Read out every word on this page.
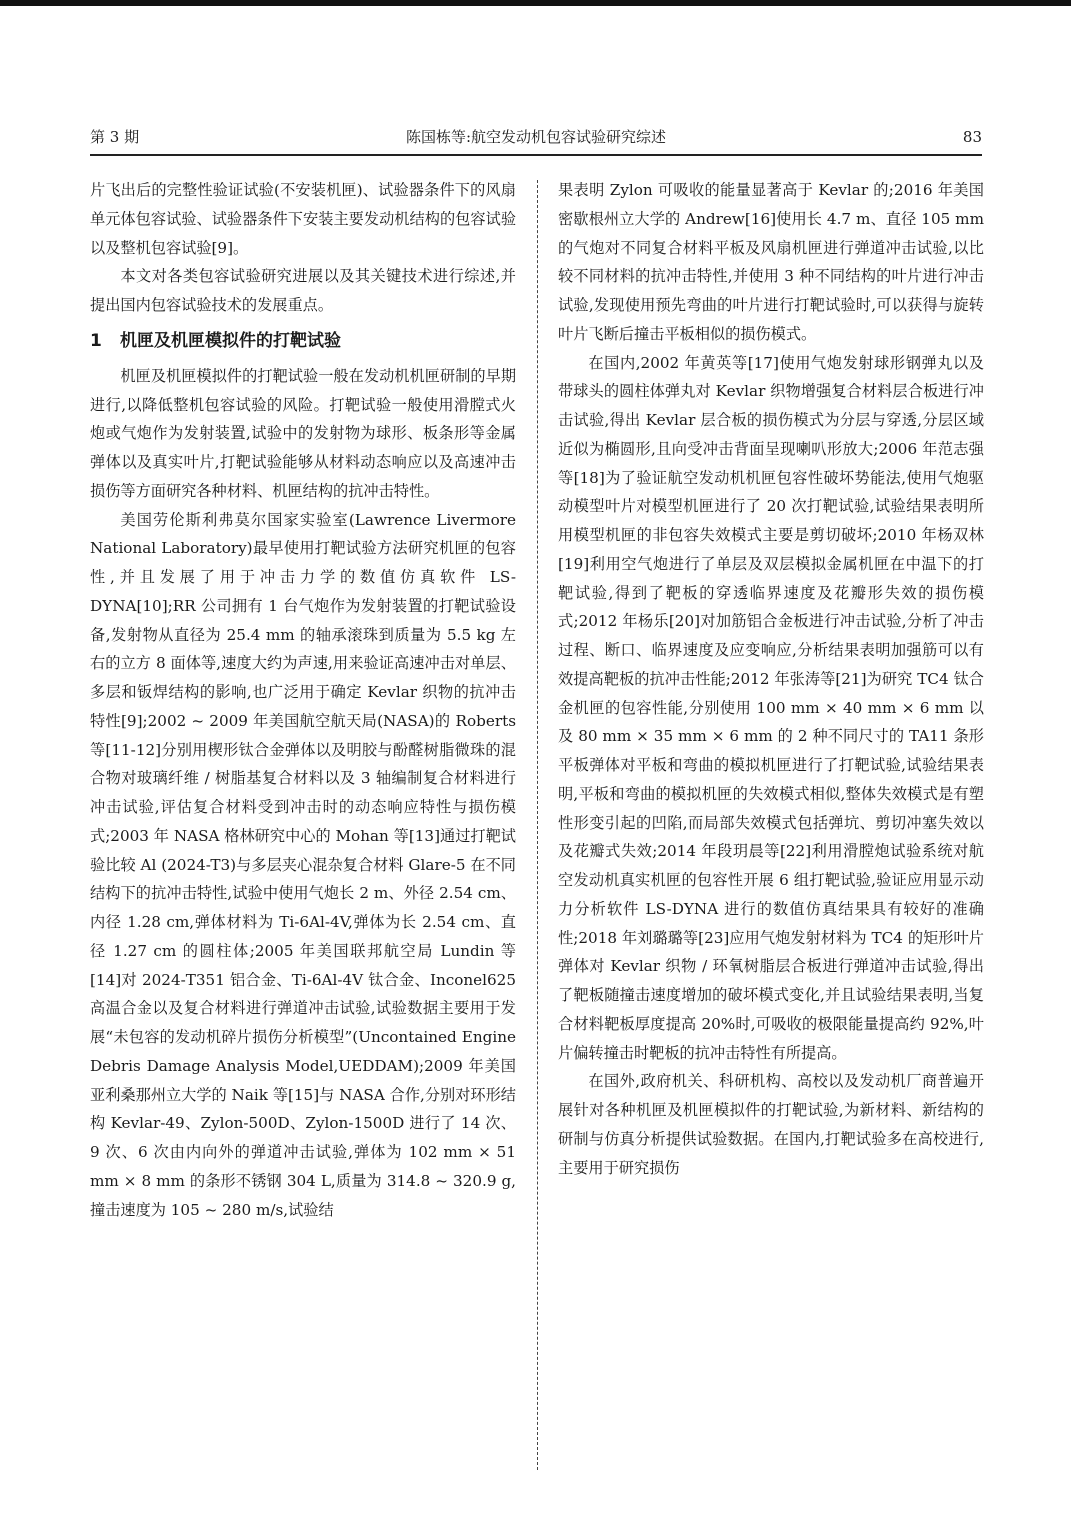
第 3 期	陈国栋等:航空发动机包容试验研究综述	83

片飞出后的完整性验证试验(不安装机匣)、试验器条件下的风扇单元体包容试验、试验器条件下安装主要发动机结构的包容试验以及整机包容试验[9]。

本文对各类包容试验研究进展以及其关键技术进行综述,并提出国内包容试验技术的发展重点。

1 机匣及机匣模拟件的打靶试验

机匣及机匣模拟件的打靶试验一般在发动机机匣研制的早期进行,以降低整机包容试验的风险。打靶试验一般使用滑膛式火炮或气炮作为发射装置,试验中的发射物为球形、板条形等金属弹体以及真实叶片,打靶试验能够从材料动态响应以及高速冲击损伤等方面研究各种材料、机匣结构的抗冲击特性。

美国劳伦斯利弗莫尔国家实验室(Lawrence Livermore National Laboratory)最早使用打靶试验方法研究机匣的包容性,并且发展了用于冲击力学的数值仿真软件 LS-DYNA[10];RR 公司拥有 1 台气炮作为发射装置的打靶试验设备,发射物从直径为 25.4 mm 的轴承滚珠到质量为 5.5 kg 左右的立方 8 面体等,速度大约为声速,用来验证高速冲击对单层、多层和钣焊结构的影响,也广泛用于确定 Kevlar 织物的抗冲击特性[9];2002 ~ 2009 年美国航空航天局(NASA)的 Roberts 等[11-12]分别用楔形钛合金弹体以及明胶与酚醛树脂微珠的混合物对玻璃纤维 / 树脂基复合材料以及 3 轴编制复合材料进行冲击试验,评估复合材料受到冲击时的动态响应特性与损伤模式;2003 年 NASA 格林研究中心的 Mohan 等[13]通过打靶试验比较 Al (2024-T3)与多层夹心混杂复合材料 Glare-5 在不同结构下的抗冲击特性,试验中使用气炮长 2 m、外径 2.54 cm、内径 1.28 cm,弹体材料为 Ti-6Al-4V,弹体为长 2.54 cm、直径 1.27 cm 的圆柱体;2005 年美国联邦航空局 Lundin 等[14]对 2024-T351 铝合金、Ti-6Al-4V 钛合金、Inconel625 高温合金以及复合材料进行弹道冲击试验,试验数据主要用于发展“未包容的发动机碎片损伤分析模型”(Uncontained Engine Debris Damage Analysis Model,UEDDAM);2009 年美国亚利桑那州立大学的 Naik 等[15]与 NASA 合作,分别对环形结构 Kevlar-49、Zylon-500D、Zylon-1500D 进行了 14 次、9 次、6 次由内向外的弹道冲击试验,弹体为 102 mm × 51 mm × 8 mm 的条形不锈钢 304 L,质量为 314.8 ~ 320.9 g,撞击速度为 105 ~ 280 m/s,试验结

果表明 Zylon 可吸收的能量显著高于 Kevlar 的;2016 年美国密歇根州立大学的 Andrew[16]使用长 4.7 m、直径 105 mm 的气炮对不同复合材料平板及风扇机匣进行弹道冲击试验,以比较不同材料的抗冲击特性,并使用 3 种不同结构的叶片进行冲击试验,发现使用预先弯曲的叶片进行打靶试验时,可以获得与旋转叶片飞断后撞击平板相似的损伤模式。

在国内,2002 年黄英等[17]使用气炮发射球形钢弹丸以及带球头的圆柱体弹丸对 Kevlar 织物增强复合材料层合板进行冲击试验,得出 Kevlar 层合板的损伤模式为分层与穿透,分层区域近似为椭圆形,且向受冲击背面呈现喇叭形放大;2006 年范志强等[18]为了验证航空发动机机匣包容性破坏势能法,使用气炮驱动模型叶片对模型机匣进行了 20 次打靶试验,试验结果表明所用模型机匣的非包容失效模式主要是剪切破坏;2010 年杨双林[19]利用空气炮进行了单层及双层模拟金属机匣在中温下的打靶试验,得到了靶板的穿透临界速度及花瓣形失效的损伤模式;2012 年杨乐[20]对加筋铝合金板进行冲击试验,分析了冲击过程、断口、临界速度及应变响应,分析结果表明加强筋可以有效提高靶板的抗冲击性能;2012 年张涛等[21]为研究 TC4 钛合金机匣的包容性能,分别使用 100 mm × 40 mm × 6 mm 以及 80 mm × 35 mm × 6 mm 的 2 种不同尺寸的 TA11 条形平板弹体对平板和弯曲的模拟机匣进行了打靶试验,试验结果表明,平板和弯曲的模拟机匣的失效模式相似,整体失效模式是有塑性形变引起的凹陷,而局部失效模式包括弹坑、剪切冲塞失效以及花瓣式失效;2014 年段玥晨等[22]利用滑膛炮试验系统对航空发动机真实机匣的包容性开展 6 组打靶试验,验证应用显示动力分析软件 LS-DYNA 进行的数值仿真结果具有较好的准确性;2018 年刘璐璐等[23]应用气炮发射材料为 TC4 的矩形叶片弹体对 Kevlar 织物 / 环氧树脂层合板进行弹道冲击试验,得出了靶板随撞击速度增加的破坏模式变化,并且试验结果表明,当复合材料靶板厚度提高 20%时,可吸收的极限能量提高约 92%,叶片偏转撞击时靶板的抗冲击特性有所提高。

在国外,政府机关、科研机构、高校以及发动机厂商普遍开展针对各种机匣及机匣模拟件的打靶试验,为新材料、新结构的研制与仿真分析提供试验数据。在国内,打靶试验多在高校进行,主要用于研究损伤
